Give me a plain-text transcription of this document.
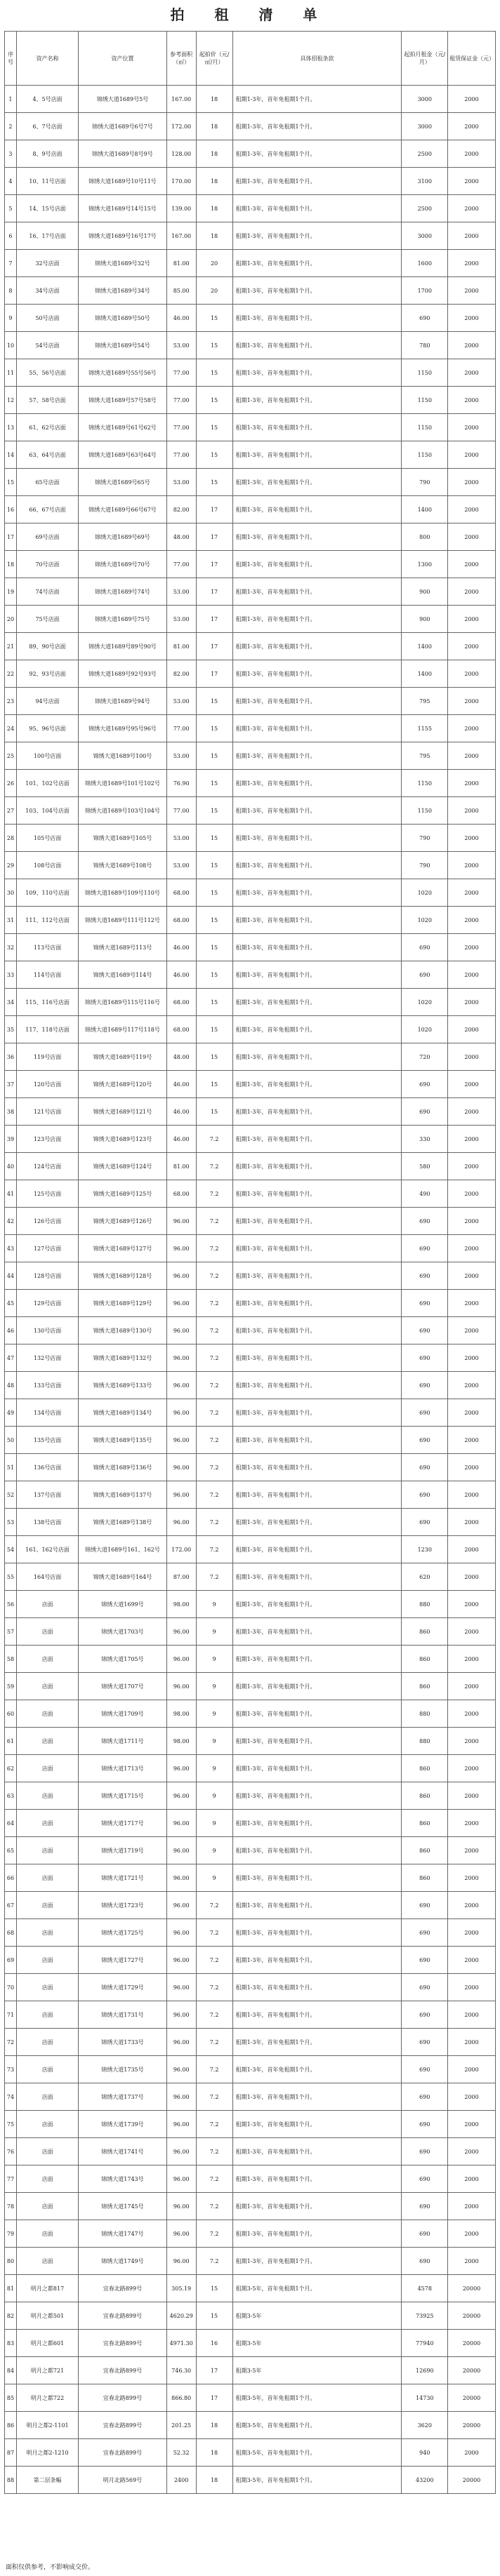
拍 租 清 单
序号	资产名称	资产位置	参考面积（㎡）	起拍价（元/㎡/月）	具体招租条款	起拍月租金（元/月）	租赁保证金（元）
1	4、5号店面	锦绣大道1689号5号	167.00	18	租期1-3年，首年免租期1个月。	3000	2000
2	6、7号店面	锦绣大道1689号6号7号	172.00	18	租期1-3年，首年免租期1个月。	3000	2000
3	8、9号店面	锦绣大道1689号8号9号	128.00	18	租期1-3年，首年免租期1个月。	2500	2000
4	10、11号店面	锦绣大道1689号10号11号	170.00	18	租期1-3年，首年免租期1个月。	3100	2000
5	14、15号店面	锦绣大道1689号14号15号	139.00	18	租期1-3年，首年免租期1个月。	2500	2000
6	16、17号店面	锦绣大道1689号16号17号	167.00	18	租期1-3年，首年免租期1个月。	3000	2000
7	32号店面	锦绣大道1689号32号	81.00	20	租期1-3年，首年免租期1个月。	1600	2000
8	34号店面	锦绣大道1689号34号	85.00	20	租期1-3年，首年免租期1个月。	1700	2000
9	50号店面	锦绣大道1689号50号	46.00	15	租期1-3年，首年免租期1个月。	690	2000
10	54号店面	锦绣大道1689号54号	53.00	15	租期1-3年，首年免租期1个月。	780	2000
11	55、56号店面	锦绣大道1689号55号56号	77.00	15	租期1-3年，首年免租期1个月。	1150	2000
12	57、58号店面	锦绣大道1689号57号58号	77.00	15	租期1-3年，首年免租期1个月。	1150	2000
13	61、62号店面	锦绣大道1689号61号62号	77.00	15	租期1-3年，首年免租期1个月。	1150	2000
14	63、64号店面	锦绣大道1689号63号64号	77.00	15	租期1-3年，首年免租期1个月。	1150	2000
15	65号店面	锦绣大道1689号65号	53.00	15	租期1-3年，首年免租期1个月。	790	2000
16	66、67号店面	锦绣大道1689号66号67号	82.00	17	租期1-3年，首年免租期1个月。	1400	2000
17	69号店面	锦绣大道1689号69号	48.00	17	租期1-3年，首年免租期1个月。	800	2000
18	70号店面	锦绣大道1689号70号	77.00	17	租期1-3年，首年免租期1个月。	1300	2000
19	74号店面	锦绣大道1689号74号	53.00	17	租期1-3年，首年免租期1个月。	900	2000
20	75号店面	锦绣大道1689号75号	53.00	17	租期1-3年，首年免租期1个月。	900	2000
21	89、90号店面	锦绣大道1689号89号90号	81.00	17	租期1-3年，首年免租期1个月。	1400	2000
22	92、93号店面	锦绣大道1689号92号93号	82.00	17	租期1-3年，首年免租期1个月。	1400	2000
23	94号店面	锦绣大道1689号94号	53.00	15	租期1-3年，首年免租期1个月。	795	2000
24	95、96号店面	锦绣大道1689号95号96号	77.00	15	租期1-3年，首年免租期1个月。	1155	2000
25	100号店面	锦绣大道1689号100号	53.00	15	租期1-3年，首年免租期1个月。	795	2000
26	101、102号店面	锦绣大道1689号101号102号	76.90	15	租期1-3年，首年免租期1个月。	1150	2000
27	103、104号店面	锦绣大道1689号103号104号	77.00	15	租期1-3年，首年免租期1个月。	1150	2000
28	105号店面	锦绣大道1689号105号	53.00	15	租期1-3年，首年免租期1个月。	790	2000
29	108号店面	锦绣大道1689号108号	53.00	15	租期1-3年，首年免租期1个月。	790	2000
30	109、110号店面	锦绣大道1689号109号110号	68.00	15	租期1-3年，首年免租期1个月。	1020	2000
31	111、112号店面	锦绣大道1689号111号112号	68.00	15	租期1-3年，首年免租期1个月。	1020	2000
32	113号店面	锦绣大道1689号113号	46.00	15	租期1-3年，首年免租期1个月。	690	2000
33	114号店面	锦绣大道1689号114号	46.00	15	租期1-3年，首年免租期1个月。	690	2000
34	115、116号店面	锦绣大道1689号115号116号	68.00	15	租期1-3年，首年免租期1个月。	1020	2000
35	117、118号店面	锦绣大道1689号117号118号	68.00	15	租期1-3年，首年免租期1个月。	1020	2000
36	119号店面	锦绣大道1689号119号	48.00	15	租期1-3年，首年免租期1个月。	720	2000
37	120号店面	锦绣大道1689号120号	46.00	15	租期1-3年，首年免租期1个月。	690	2000
38	121号店面	锦绣大道1689号121号	46.00	15	租期1-3年，首年免租期1个月。	690	2000
39	123号店面	锦绣大道1689号123号	46.00	7.2	租期1-3年，首年免租期1个月。	330	2000
40	124号店面	锦绣大道1689号124号	81.00	7.2	租期1-3年，首年免租期1个月。	580	2000
41	125号店面	锦绣大道1689号125号	68.00	7.2	租期1-3年，首年免租期1个月。	490	2000
42	126号店面	锦绣大道1689号126号	96.00	7.2	租期1-3年，首年免租期1个月。	690	2000
43	127号店面	锦绣大道1689号127号	96.00	7.2	租期1-3年，首年免租期1个月。	690	2000
44	128号店面	锦绣大道1689号128号	96.00	7.2	租期1-3年，首年免租期1个月。	690	2000
45	129号店面	锦绣大道1689号129号	96.00	7.2	租期1-3年，首年免租期1个月。	690	2000
46	130号店面	锦绣大道1689号130号	96.00	7.2	租期1-3年，首年免租期1个月。	690	2000
47	132号店面	锦绣大道1689号132号	96.00	7.2	租期1-3年，首年免租期1个月。	690	2000
48	133号店面	锦绣大道1689号133号	96.00	7.2	租期1-3年，首年免租期1个月。	690	2000
49	134号店面	锦绣大道1689号134号	96.00	7.2	租期1-3年，首年免租期1个月。	690	2000
50	135号店面	锦绣大道1689号135号	96.00	7.2	租期1-3年，首年免租期1个月。	690	2000
51	136号店面	锦绣大道1689号136号	96.00	7.2	租期1-3年，首年免租期1个月。	690	2000
52	137号店面	锦绣大道1689号137号	96.00	7.2	租期1-3年，首年免租期1个月。	690	2000
53	138号店面	锦绣大道1689号138号	96.00	7.2	租期1-3年，首年免租期1个月。	690	2000
54	161、162号店面	锦绣大道1689号161、162号	172.00	7.2	租期1-3年，首年免租期1个月。	1230	2000
55	164号店面	锦绣大道1689号164号	87.00	7.2	租期1-3年，首年免租期1个月。	620	2000
56	店面	锦绣大道1699号	98.00	9	租期1-3年，首年免租期1个月。	880	2000
57	店面	锦绣大道1703号	96.00	9	租期1-3年，首年免租期1个月。	860	2000
58	店面	锦绣大道1705号	96.00	9	租期1-3年，首年免租期1个月。	860	2000
59	店面	锦绣大道1707号	96.00	9	租期1-3年，首年免租期1个月。	860	2000
60	店面	锦绣大道1709号	98.00	9	租期1-3年，首年免租期1个月。	880	2000
61	店面	锦绣大道1711号	98.00	9	租期1-3年，首年免租期1个月。	880	2000
62	店面	锦绣大道1713号	96.00	9	租期1-3年，首年免租期1个月。	860	2000
63	店面	锦绣大道1715号	96.00	9	租期1-3年，首年免租期1个月。	860	2000
64	店面	锦绣大道1717号	96.00	9	租期1-3年，首年免租期1个月。	860	2000
65	店面	锦绣大道1719号	96.00	9	租期1-3年，首年免租期1个月。	860	2000
66	店面	锦绣大道1721号	96.00	9	租期1-3年，首年免租期1个月。	860	2000
67	店面	锦绣大道1723号	96.00	7.2	租期1-3年，首年免租期1个月。	690	2000
68	店面	锦绣大道1725号	96.00	7.2	租期1-3年，首年免租期1个月。	690	2000
69	店面	锦绣大道1727号	96.00	7.2	租期1-3年，首年免租期1个月。	690	2000
70	店面	锦绣大道1729号	96.00	7.2	租期1-3年，首年免租期1个月。	690	2000
71	店面	锦绣大道1731号	96.00	7.2	租期1-3年，首年免租期1个月。	690	2000
72	店面	锦绣大道1733号	96.00	7.2	租期1-3年，首年免租期1个月。	690	2000
73	店面	锦绣大道1735号	96.00	7.2	租期1-3年，首年免租期1个月。	690	2000
74	店面	锦绣大道1737号	96.00	7.2	租期1-3年，首年免租期1个月。	690	2000
75	店面	锦绣大道1739号	96.00	7.2	租期1-3年，首年免租期1个月。	690	2000
76	店面	锦绣大道1741号	96.00	7.2	租期1-3年，首年免租期1个月。	690	2000
77	店面	锦绣大道1743号	96.00	7.2	租期1-3年，首年免租期1个月。	690	2000
78	店面	锦绣大道1745号	96.00	7.2	租期1-3年，首年免租期1个月。	690	2000
79	店面	锦绣大道1747号	96.00	7.2	租期1-3年，首年免租期1个月。	690	2000
80	店面	锦绣大道1749号	96.00	7.2	租期1-3年，首年免租期1个月。	690	2000
81	明月之都817	宜春北路899号	305.19	15	租期3-5年，首年免租期1个月。	4578	20000
82	明月之都501	宜春北路899号	4620.29	15	租期3-5年	73925	20000
83	明月之都601	宜春北路899号	4971.30	16	租期3-5年	77940	20000
84	明月之都721	宜春北路899号	746.30	17	租期3-5年	12690	20000
85	明月之都722	宜春北路899号	866.80	17	租期3-5年，首年免租期1个月。	14730	20000
86	明月之都2-1101	宜春北路899号	201.25	18	租期3-5年，首年免租期1个月。	3620	20000
87	明月之都2-1210	宜春北路899号	52.32	18	租期3-5年，首年免租期1个月。	940	2000
88	第二层条幅	明月北路569号	2400	18	租期3-5年，首年免租期1个月。	43200	20000
面积仅供参考，不影响成交价。
